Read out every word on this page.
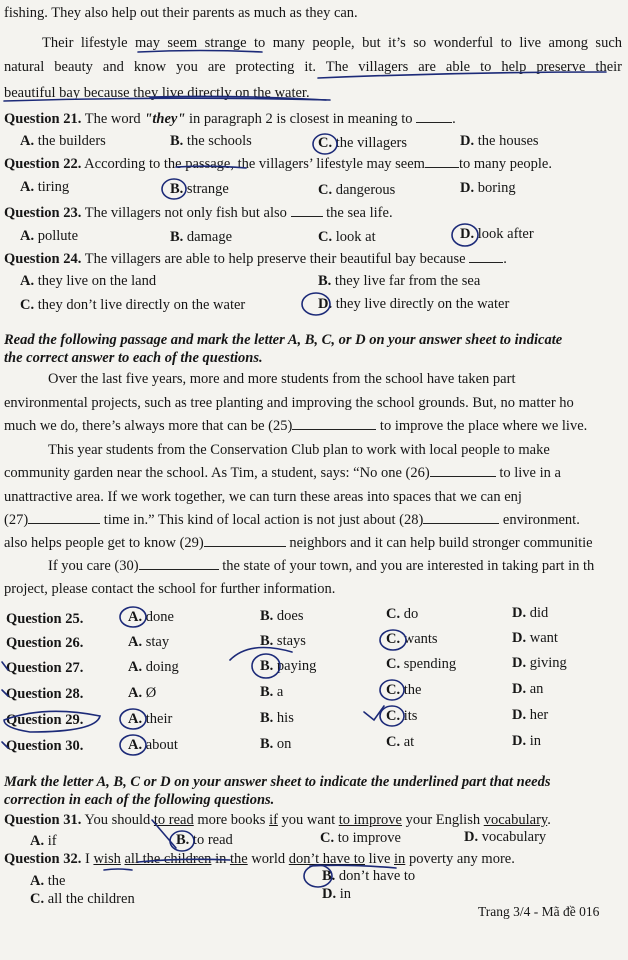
fishing. They also help out their parents as much as they can.
Their lifestyle may seem strange to many people, but it’s so wonderful to live among such
natural beauty and know you are protecting it. The villagers are able to help preserve their
beautiful bay because they live directly on the water.
Question 21. The word "they" in paragraph 2 is closest in meaning to	.
A. the builders	B. the schools	C. the villagers	D. the houses
Question 22. According to the passage, the villagers’ lifestyle may seem to many people.
A. tiring	B. strange	C. dangerous	D. boring
Question 23. The villagers not only fish but also	the sea life.
A. pollute	B. damage	C. look at	D. look after
Question 24. The villagers are able to help preserve their beautiful bay because	.
A. they live on the land	B. they live far from the sea
C. they don’t live directly on the water	D. they live directly on the water
Read the following passage and mark the letter A, B, C, or D on your answer sheet to indicate
the correct answer to each of the questions.
Over the last five years, more and more students from the school have taken part
environmental projects, such as tree planting and improving the school grounds. But, no matter ho
much we do, there’s always more that can be (25)	to improve the place where we live.
This year students from the Conservation Club plan to work with local people to make
community garden near the school. As Tim, a student, says: “No one (26)	to live in a
unattractive area. If we work together, we can turn these areas into spaces that we can enj
(27)	time in.” This kind of local action is not just about (28)	environment.
also helps people get to know (29)	neighbors and it can help build stronger communitie
If you care (30)	the state of your town, and you are interested in taking part in th
project, please contact the school for further information.
Question 25.	A. done	B. does	C. do	D. did
Question 26.	A. stay	B. stays	C. wants	D. want
Question 27.	A. doing	B. paying	C. spending	D. giving
Question 28.	A. Ø	B. a	C. the	D. an
Question 29.	A. their	B. his	C. its	D. her
Question 30.	A. about	B. on	C. at	D. in
Mark the letter A, B, C or D on your answer sheet to indicate the underlined part that needs
correction in each of the following questions.
Question 31. You should to read more books if you want to improve your English vocabulary.
A. if	B. to read	C. to improve	D. vocabulary
Question 32. I wish all the children in the world don’t have to live in poverty any more.
A. the	B. don’t have to
C. all the children	D. in
Trang 3/4 - Mã đề 016
